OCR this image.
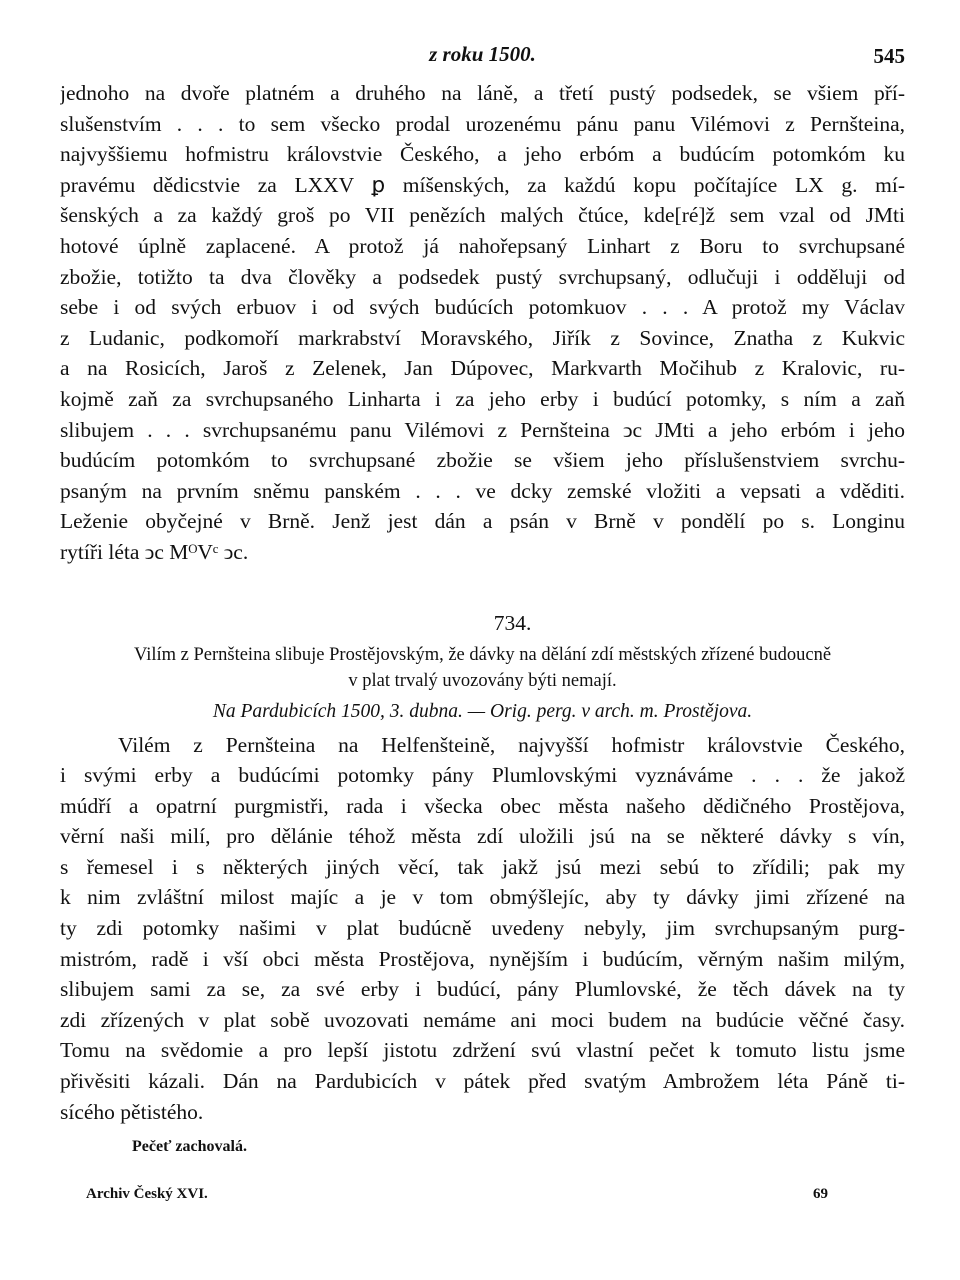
z roku 1500.	545
jednoho na dvoře platném a druhého na láně, a třetí pustý podsedek, se všiem pří-
slušenstvím . . . to sem všecko prodal urozenému pánu panu Vilémovi z Pernšteina,
najvyššiemu hofmistru královstvie Českého, a jeho erbóm a budúcím potomkóm ku
pravému dědicstvie za LXXV ꝑ míšenských, za každú kopu počítajíce LX g. mí-
šenských a za každý groš po VII penězích malých čtúce, kde[ré]ž sem vzal od JMti
hotové úplně zaplacené. A protož já nahořepsaný Linhart z Boru to svrchupsané
zbožie, totižto ta dva člověky a podsedek pustý svrchupsaný, odlučuji i odděluji od
sebe i od svých erbuov i od svých budúcích potomkuov . . . A protož my Václav
z Ludanic, podkomoří markrabství Moravského, Jiřík z Sovince, Znatha z Kukvic
a na Rosicích, Jaroš z Zelenek, Jan Dúpovec, Markvarth Močihub z Kralovic, ru-
kojmě zaň za svrchupsaného Linharta i za jeho erby i budúcí potomky, s ním a zaň
slibujem . . . svrchupsanému panu Vilémovi z Pernšteina ↄc JMti a jeho erbóm i jeho
budúcím potomkóm to svrchupsané zbožie se všiem jeho příslušenstviem svrchu-
psaným na prvním sněmu panském . . . ve dcky zemské vložiti a vepsati a vděditi.
Leženie obyčejné v Brně. Jenž jest dán a psán v Brně v pondělí po s. Longinu
rytíři léta ↄc MᴼVᶜ ↄc.
734.
Vilím z Pernšteina slibuje Prostějovským, že dávky na dělání zdí městských zřízené budoucně
v plat trvalý uvozovány býti nemají.
Na Pardubicích 1500, 3. dubna. — Orig. perg. v arch. m. Prostějova.
Vilém z Pernšteina na Helfenšteině, najvyšší hofmistr královstvie Českého,
i svými erby a budúcími potomky pány Plumlovskými vyznáváme . . . že jakož
múdří a opatrní purgmistři, rada i všecka obec města našeho dědičného Prostějova,
věrní naši milí, pro dělánie téhož města zdí uložili jsú na se některé dávky s vín,
s řemesel i s některých jiných věcí, tak jakž jsú mezi sebú to zřídili; pak my
k nim zvláštní milost majíc a je v tom obmýšlejíc, aby ty dávky jimi zřízené na
ty zdi potomky našimi v plat budúcně uvedeny nebyly, jim svrchupsaným purg-
mistróm, radě i vší obci města Prostějova, nynějším i budúcím, věrným našim milým,
slibujem sami za se, za své erby i budúcí, pány Plumlovské, že těch dávek na ty
zdi zřízených v plat sobě uvozovati nemáme ani moci budem na budúcie věčné časy.
Tomu na svědomie a pro lepší jistotu zdržení svú vlastní pečet k tomuto listu jsme
přivěsiti kázali. Dán na Pardubicích v pátek před svatým Ambrožem léta Páně ti-
sícého pětistého.
Pečeť zachovalá.
Archiv Český XVI.	69
